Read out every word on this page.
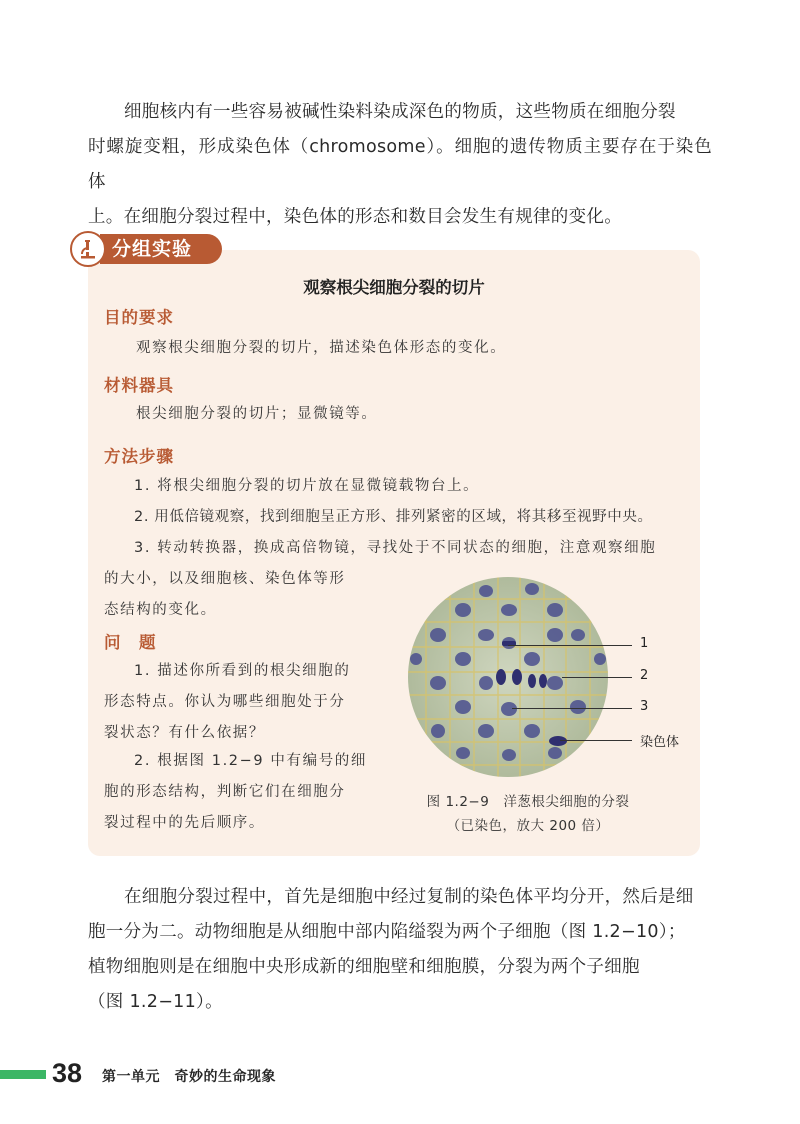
细胞核内有一些容易被碱性染料染成深色的物质，这些物质在细胞分裂
时螺旋变粗，形成染色体（chromosome）。细胞的遗传物质主要存在于染色体
上。在细胞分裂过程中，染色体的形态和数目会发生有规律的变化。
分组实验
观察根尖细胞分裂的切片
目的要求
观察根尖细胞分裂的切片，描述染色体形态的变化。
材料器具
根尖细胞分裂的切片；显微镜等。
方法步骤
1. 将根尖细胞分裂的切片放在显微镜载物台上。
2. 用低倍镜观察，找到细胞呈正方形、排列紧密的区域，将其移至视野中央。
3. 转动转换器，换成高倍物镜，寻找处于不同状态的细胞，注意观察细胞
的大小，以及细胞核、染色体等形
态结构的变化。
问　题
1. 描述你所看到的根尖细胞的
形态特点。你认为哪些细胞处于分
裂状态？有什么依据？
2. 根据图 1.2−9 中有编号的细
胞的形态结构，判断它们在细胞分
裂过程中的先后顺序。
1
2
3
染色体
图 1.2−9　洋葱根尖细胞的分裂
（已染色，放大 200 倍）
在细胞分裂过程中，首先是细胞中经过复制的染色体平均分开，然后是细
胞一分为二。动物细胞是从细胞中部内陷缢裂为两个子细胞（图 1.2−10）；
植物细胞则是在细胞中央形成新的细胞壁和细胞膜，分裂为两个子细胞
（图 1.2−11）。
38 第一单元　奇妙的生命现象
